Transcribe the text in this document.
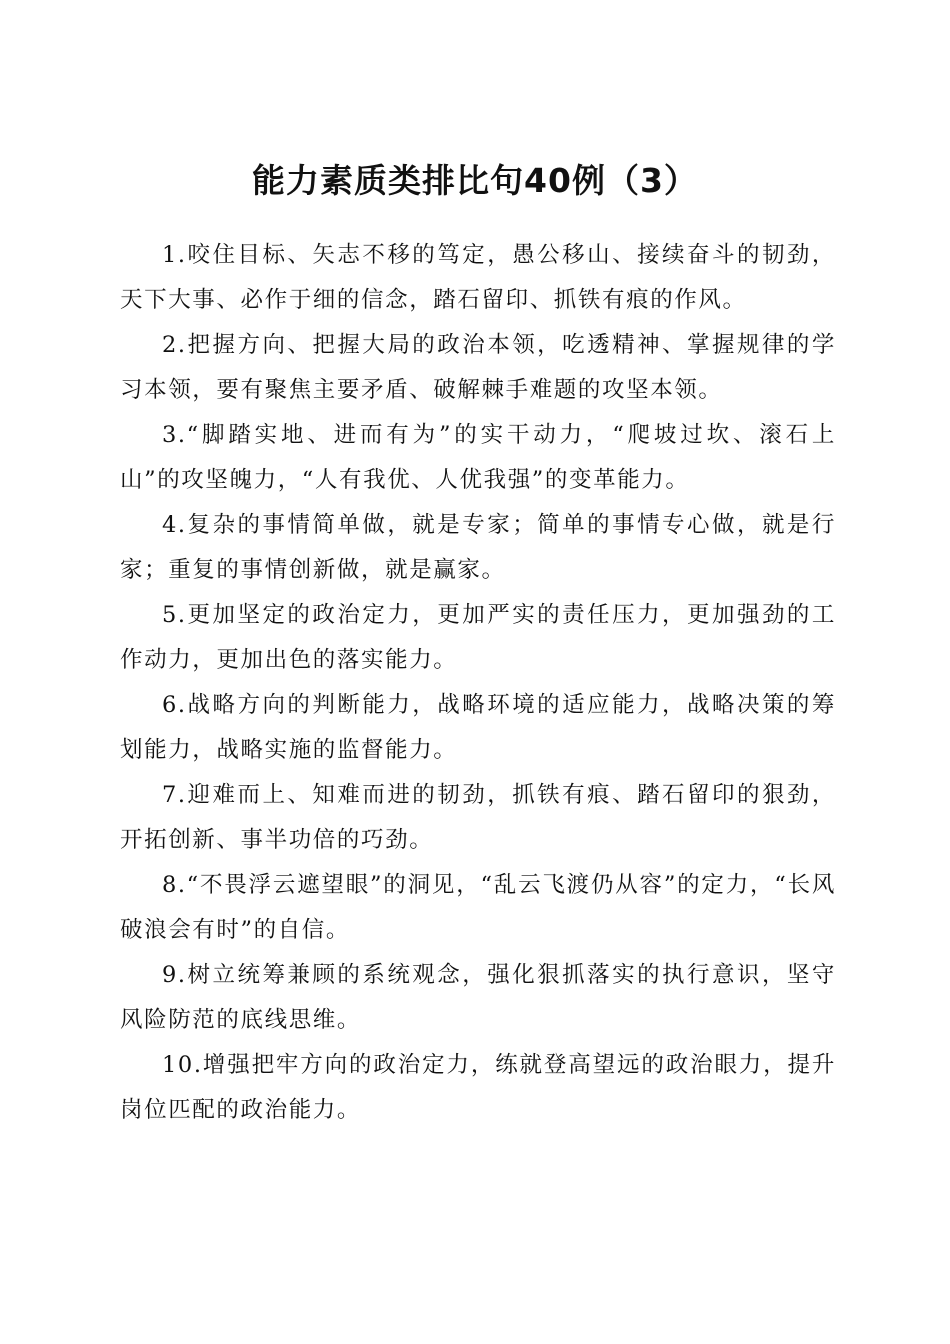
能力素质类排比句40例（3）

1.咬住目标、矢志不移的笃定，愚公移山、接续奋斗的韧劲，天下大事、必作于细的信念，踏石留印、抓铁有痕的作风。

2.把握方向、把握大局的政治本领，吃透精神、掌握规律的学习本领，要有聚焦主要矛盾、破解棘手难题的攻坚本领。

3.“脚踏实地、进而有为”的实干动力，“爬坡过坎、滚石上山”的攻坚魄力，“人有我优、人优我强”的变革能力。

4.复杂的事情简单做，就是专家；简单的事情专心做，就是行家；重复的事情创新做，就是赢家。

5.更加坚定的政治定力，更加严实的责任压力，更加强劲的工作动力，更加出色的落实能力。

6.战略方向的判断能力，战略环境的适应能力，战略决策的筹划能力，战略实施的监督能力。

7.迎难而上、知难而进的韧劲，抓铁有痕、踏石留印的狠劲，开拓创新、事半功倍的巧劲。

8.“不畏浮云遮望眼”的洞见，“乱云飞渡仍从容”的定力，“长风破浪会有时”的自信。

9.树立统筹兼顾的系统观念，强化狠抓落实的执行意识，坚守风险防范的底线思维。

10.增强把牢方向的政治定力，练就登高望远的政治眼力，提升岗位匹配的政治能力。
